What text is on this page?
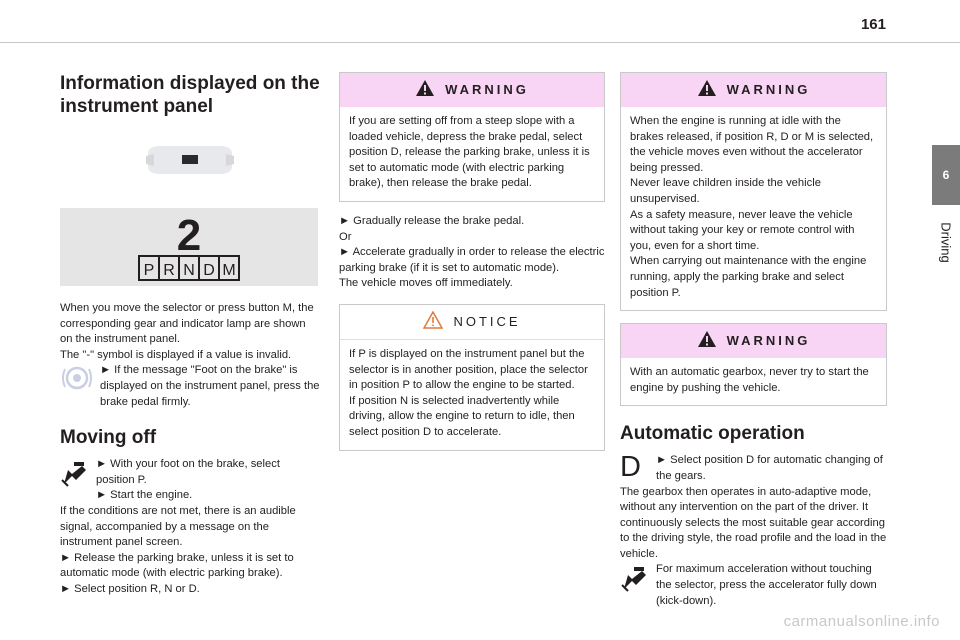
161
6
Driving
Information displayed on the instrument panel
2
P R N D M

When you move the selector or press button M, the corresponding gear and indicator lamp are shown on the instrument panel.

The "-" symbol is displayed if a value is invalid.

► If the message "Foot on the brake" is displayed on the instrument panel, press the brake pedal firmly.

Moving off

► With your foot on the brake, select position P.

► Start the engine.

If the conditions are not met, there is an audible signal, accompanied by a message on the instrument panel screen.

► Release the parking brake, unless it is set to automatic mode (with electric parking brake).

► Select position R, N or D.

WARNING

If you are setting off from a steep slope with a loaded vehicle, depress the brake pedal, select position D, release the parking brake, unless it is set to automatic mode (with electric parking brake), then release the brake pedal.

► Gradually release the brake pedal.

Or

► Accelerate gradually in order to release the electric parking brake (if it is set to automatic mode).

The vehicle moves off immediately.

NOTICE

If P is displayed on the instrument panel but the selector is in another position, place the selector in position P to allow the engine to be started.

If position N is selected inadvertently while driving, allow the engine to return to idle, then select position D to accelerate.

WARNING

When the engine is running at idle with the brakes released, if position R, D or M is selected, the vehicle moves even without the accelerator being pressed.

Never leave children inside the vehicle unsupervised.

As a safety measure, never leave the vehicle without taking your key or remote control with you, even for a short time.

When carrying out maintenance with the engine running, apply the parking brake and select position P.

WARNING

With an automatic gearbox, never try to start the engine by pushing the vehicle.

Automatic operation
D	► Select position D for automatic changing of the gears.

The gearbox then operates in auto-adaptive mode, without any intervention on the part of the driver. It continuously selects the most suitable gear according to the driving style, the road profile and the load in the vehicle.

For maximum acceleration without touching the selector, press the accelerator fully down (kick-down).

carmanualsonline.info
